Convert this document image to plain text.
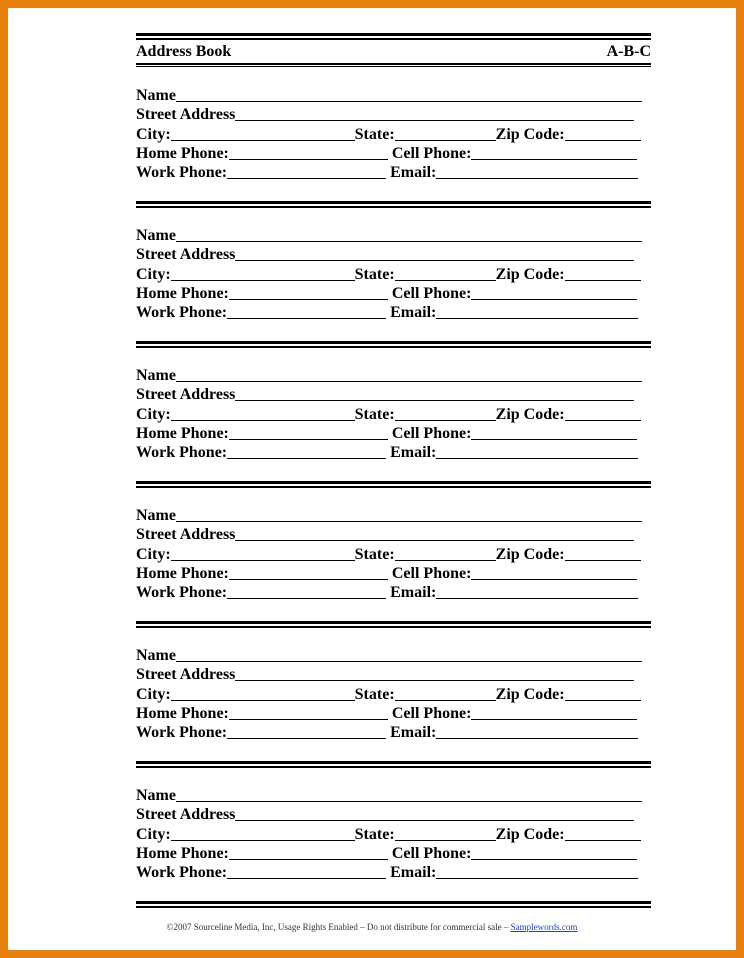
Address Book	A-B-C
Name
Street Address
City:	State:	Zip Code:
Home Phone:	Cell Phone:
Work Phone:	Email:
Name
Street Address
City:	State:	Zip Code:
Home Phone:	Cell Phone:
Work Phone:	Email:
Name
Street Address
City:	State:	Zip Code:
Home Phone:	Cell Phone:
Work Phone:	Email:
Name
Street Address
City:	State:	Zip Code:
Home Phone:	Cell Phone:
Work Phone:	Email:
Name
Street Address
City:	State:	Zip Code:
Home Phone:	Cell Phone:
Work Phone:	Email:
Name
Street Address
City:	State:	Zip Code:
Home Phone:	Cell Phone:
Work Phone:	Email:
©2007 Sourceline Media, Inc, Usage Rights Enabled – Do not distribute for commercial sale – Samplewords.com
